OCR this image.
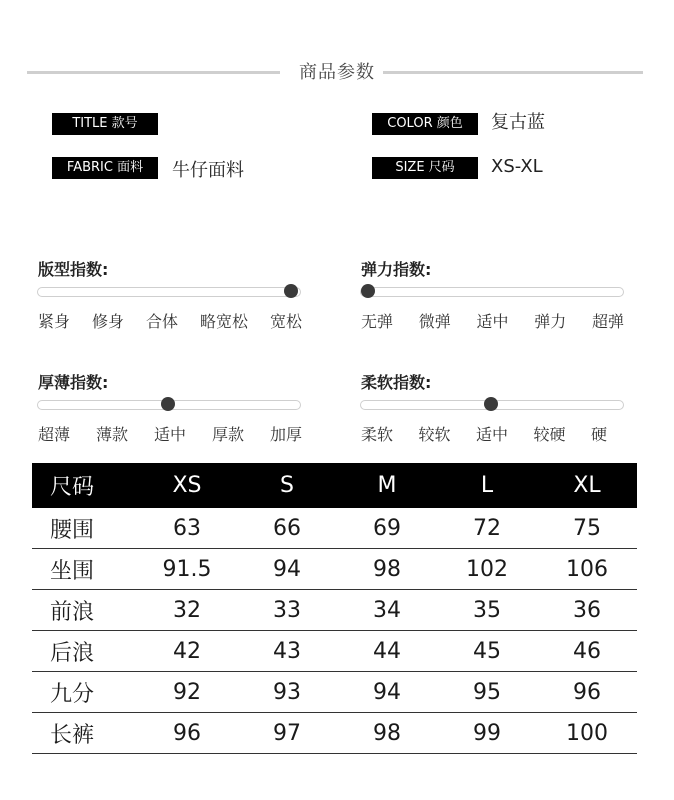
商品参数
TITLE 款号
FABRIC 面料	牛仔面料
COLOR 颜色	复古蓝
SIZE 尺码	XS-XL
版型指数:
紧身 修身 合体 略宽松 宽松
弹力指数:
无弹 微弹 适中 弹力 超弹
厚薄指数:
超薄 薄款 适中 厚款 加厚
柔软指数:
柔软 较软 适中 较硬 硬
尺码	XS	S	M	L	XL
腰围	63	66	69	72	75
坐围	91.5	94	98	102	106
前浪	32	33	34	35	36
后浪	42	43	44	45	46
九分	92	93	94	95	96
长裤	96	97	98	99	100
